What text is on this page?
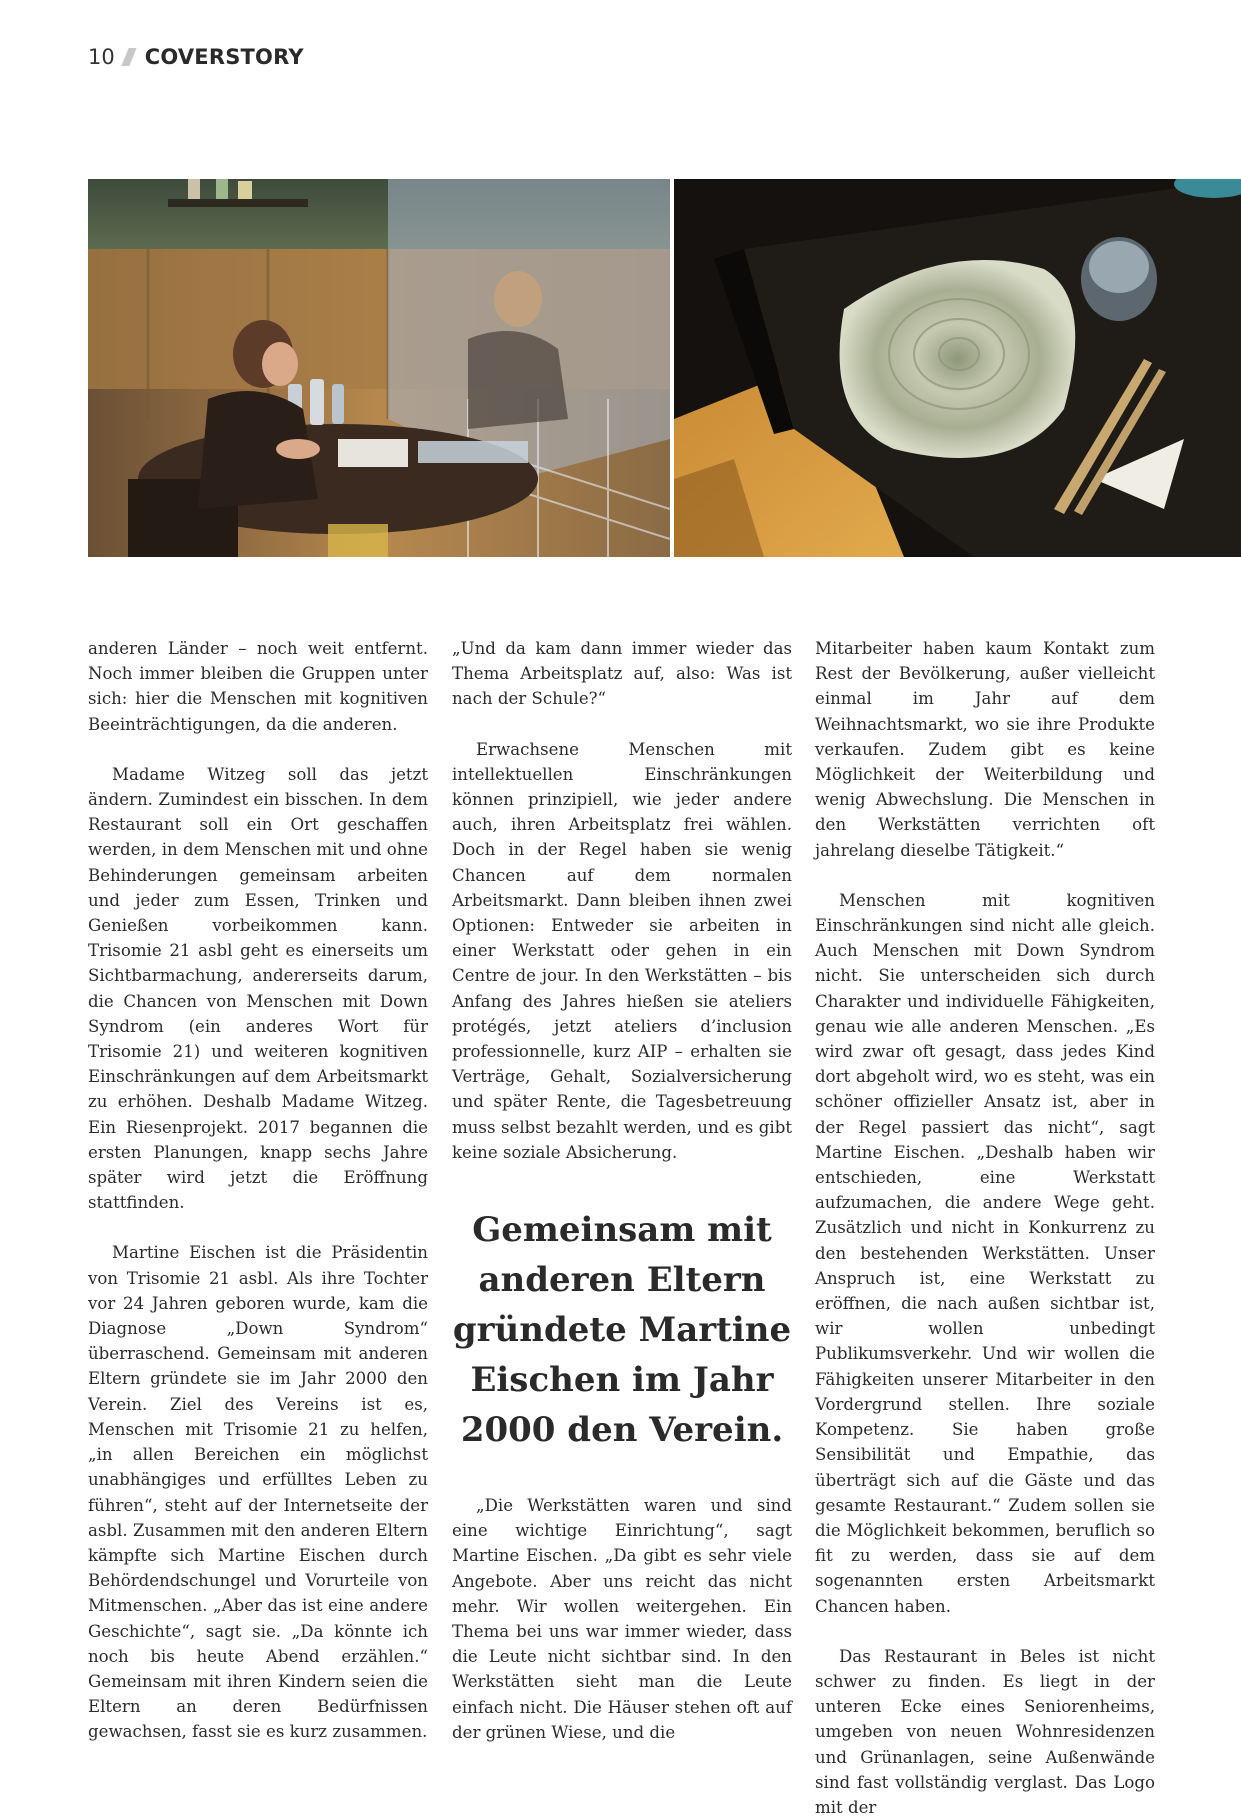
10 COVERSTORY

anderen Länder – noch weit entfernt. Noch immer bleiben die Gruppen unter sich: hier die Menschen mit kognitiven Beeinträchtigungen, da die anderen.

Madame Witzeg soll das jetzt ändern. Zumindest ein bisschen. In dem Restaurant soll ein Ort geschaffen werden, in dem Menschen mit und ohne Behinderungen gemeinsam arbeiten und jeder zum Essen, Trinken und Genießen vorbeikommen kann. Trisomie 21 asbl geht es einerseits um Sichtbarmachung, andererseits darum, die Chancen von Menschen mit Down Syndrom (ein anderes Wort für Trisomie 21) und weiteren kognitiven Einschränkungen auf dem Arbeitsmarkt zu erhöhen. Deshalb Madame Witzeg. Ein Riesenprojekt. 2017 begannen die ersten Planungen, knapp sechs Jahre später wird jetzt die Eröffnung stattfinden.

Martine Eischen ist die Präsidentin von Trisomie 21 asbl. Als ihre Tochter vor 24 Jahren geboren wurde, kam die Diagnose „Down Syndrom“ überraschend. Gemeinsam mit anderen Eltern gründete sie im Jahr 2000 den Verein. Ziel des Vereins ist es, Menschen mit Trisomie 21 zu helfen, „in allen Bereichen ein möglichst unabhängiges und erfülltes Leben zu führen“, steht auf der Internetseite der asbl. Zusammen mit den anderen Eltern kämpfte sich Martine Eischen durch Behördendschungel und Vorurteile von Mitmenschen. „Aber das ist eine andere Geschichte“, sagt sie. „Da könnte ich noch bis heute Abend erzählen.“ Gemeinsam mit ihren Kindern seien die Eltern an deren Bedürfnissen gewachsen, fasst sie es kurz zusammen.

„Und da kam dann immer wieder das Thema Arbeitsplatz auf, also: Was ist nach der Schule?“

Erwachsene Menschen mit intellektuellen Einschränkungen können prinzipiell, wie jeder andere auch, ihren Arbeitsplatz frei wählen. Doch in der Regel haben sie wenig Chancen auf dem normalen Arbeitsmarkt. Dann bleiben ihnen zwei Optionen: Entweder sie arbeiten in einer Werkstatt oder gehen in ein Centre de jour. In den Werkstätten – bis Anfang des Jahres hießen sie ateliers protégés, jetzt ateliers d’inclusion professionnelle, kurz AIP – erhalten sie Verträge, Gehalt, Sozialversicherung und später Rente, die Tagesbetreuung muss selbst bezahlt werden, und es gibt keine soziale Absicherung.

Gemeinsam mit anderen Eltern gründete Martine Eischen im Jahr 2000 den Verein.

„Die Werkstätten waren und sind eine wichtige Einrichtung“, sagt Martine Eischen. „Da gibt es sehr viele Angebote. Aber uns reicht das nicht mehr. Wir wollen weitergehen. Ein Thema bei uns war immer wieder, dass die Leute nicht sichtbar sind. In den Werkstätten sieht man die Leute einfach nicht. Die Häuser stehen oft auf der grünen Wiese, und die

Mitarbeiter haben kaum Kontakt zum Rest der Bevölkerung, außer vielleicht einmal im Jahr auf dem Weihnachtsmarkt, wo sie ihre Produkte verkaufen. Zudem gibt es keine Möglichkeit der Weiterbildung und wenig Abwechslung. Die Menschen in den Werkstätten verrichten oft jahrelang dieselbe Tätigkeit.“

Menschen mit kognitiven Einschränkungen sind nicht alle gleich. Auch Menschen mit Down Syndrom nicht. Sie unterscheiden sich durch Charakter und individuelle Fähigkeiten, genau wie alle anderen Menschen. „Es wird zwar oft gesagt, dass jedes Kind dort abgeholt wird, wo es steht, was ein schöner offizieller Ansatz ist, aber in der Regel passiert das nicht“, sagt Martine Eischen. „Deshalb haben wir entschieden, eine Werkstatt aufzumachen, die andere Wege geht. Zusätzlich und nicht in Konkurrenz zu den bestehenden Werkstätten. Unser Anspruch ist, eine Werkstatt zu eröffnen, die nach außen sichtbar ist, wir wollen unbedingt Publikumsverkehr. Und wir wollen die Fähigkeiten unserer Mitarbeiter in den Vordergrund stellen. Ihre soziale Kompetenz. Sie haben große Sensibilität und Empathie, das überträgt sich auf die Gäste und das gesamte Restaurant.“ Zudem sollen sie die Möglichkeit bekommen, beruflich so fit zu werden, dass sie auf dem sogenannten ersten Arbeitsmarkt Chancen haben.

Das Restaurant in Beles ist nicht schwer zu finden. Es liegt in der unteren Ecke eines Seniorenheims, umgeben von neuen Wohnresidenzen und Grünanlagen, seine Außenwände sind fast vollständig verglast. Das Logo mit der
